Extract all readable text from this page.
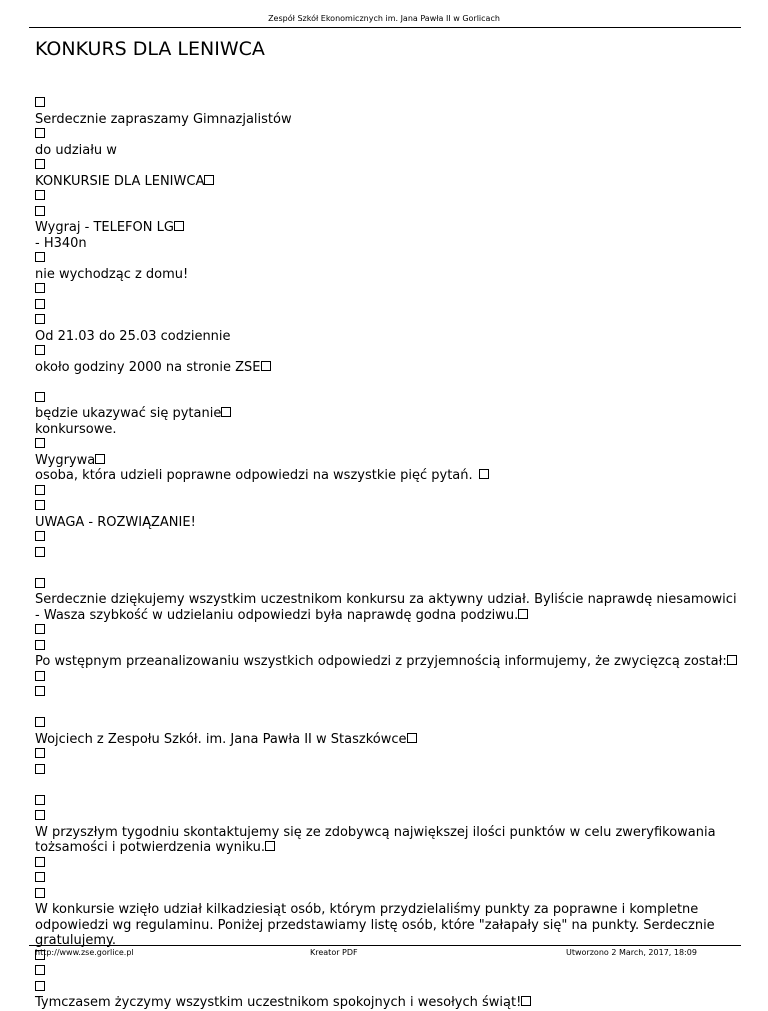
Zespół Szkół Ekonomicznych im. Jana Pawła II w Gorlicach
KONKURS DLA LENIWCA
Serdecznie zapraszamy Gimnazjalistów
do udziału w
KONKURSIE DLA LENIWCA
Wygraj - TELEFON LG
- H340n
nie wychodząc z domu!
Od 21.03 do 25.03 codziennie
około godziny 2000 na stronie ZSE
będzie ukazywać się pytanie
konkursowe.
Wygrywa
osoba, która udzieli poprawne odpowiedzi na wszystkie pięć pytań.
UWAGA - ROZWIĄZANIE!
Serdecznie dziękujemy wszystkim uczestnikom konkursu za aktywny udział. Byliście naprawdę niesamowici - Wasza szybkość w udzielaniu odpowiedzi była naprawdę godna podziwu.
Po wstępnym przeanalizowaniu wszystkich odpowiedzi z przyjemnością informujemy, że zwycięzcą został:
Wojciech z Zespołu Szkół. im. Jana Pawła II w Staszkówce
W przyszłym tygodniu skontaktujemy się ze zdobywcą największej ilości punktów w celu zweryfikowania tożsamości i potwierdzenia wyniku.
W konkursie wzięło udział kilkadziesiąt osób, którym przydzielaliśmy punkty za poprawne i kompletne odpowiedzi wg regulaminu. Poniżej przedstawiamy listę osób, które "załapały się" na punkty. Serdecznie gratulujemy.
Tymczasem życzymy wszystkim uczestnikom spokojnych i wesołych świąt!
http://www.zse.gorlice.pl	Kreator PDF	Utworzono 2 March, 2017, 18:09
